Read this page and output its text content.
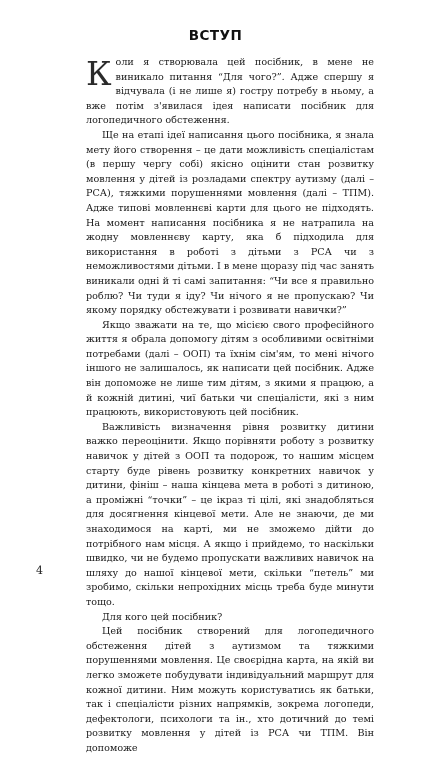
ВСТУП

Коли я створювала цей посібник, в мене не виникало питання “Для чого?”. Адже спершу я відчувала (і не лише я) гостру потребу в ньому, а вже потім з'явилася ідея написати посібник для логопедичного обстеження.

Ще на етапі ідеї написання цього посібника, я знала мету його створення – це дати можливість спеціалістам (в першу чергу собі) якісно оцінити стан розвитку мовлення у дітей із розладами спектру аутизму (далі – РСА), тяжкими порушеннями мовлення (далі – ТПМ). Адже типові мовленнєві карти для цього не підходять. На момент написання посібника я не натрапила на жодну мовленнєву карту, яка б підходила для використання в роботі з дітьми з РСА чи з неможливостями дітьми. І в мене щоразу під час занять виникали одні й ті самі запитання: “Чи все я правильно роблю? Чи туди я іду? Чи нічого я не пропускаю? Чи якому порядку обстежувати і розвивати навички?”

Якщо зважати на те, що місією свого професійного життя я обрала допомогу дітям з особливими освітніми потребами (далі – ООП) та їхнім сім'ям, то мені нічого іншого не залишалось, як написати цей посібник. Адже він допоможе не лише тим дітям, з якими я працюю, а й кожній дитині, чиї батьки чи спеціалісти, які з ним працюють, використовують цей посібник.

Важливість визначення рівня розвитку дитини важко переоцінити. Якщо порівняти роботу з розвитку навичок у дітей з ООП та подорож, то нашим місцем старту буде рівень розвитку конкретних навичок у дитини, фініш – наша кінцева мета в роботі з дитиною, а проміжні “точки” – це ікраз ті цілі, які знадобляться для досягнення кінцевої мети. Але не знаючи, де ми знаходимося на карті, ми не зможемо дійти до потрібного нам місця. А якщо і прийдемо, то наскільки швидко, чи не будемо пропускати важливих навичок на шляху до нашої кінцевої мети, скільки “петель” ми зробимо, скільки непрохідних місць треба буде минути тощо.

Для кого цей посібник?

Цей посібник створений для логопедичного обстеження дітей з аутизмом та тяжкими порушеннями мовлення. Це своєрідна карта, на якій ви легко зможете побудувати індивідуальний маршрут для кожної дитини. Ним можуть користуватись як батьки, так і спеціалісти різних напрямків, зокрема логопеди, дефектологи, психологи та ін., хто дотичний до темі розвитку мовлення у дітей із РСА чи ТПМ. Він допоможе

4
